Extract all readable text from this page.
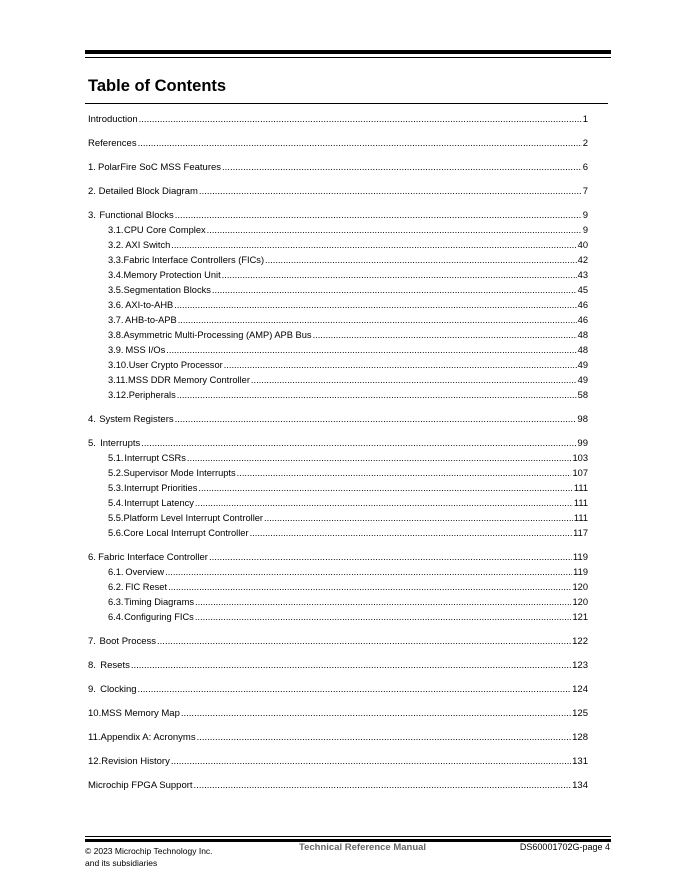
Table of Contents
Introduction .....	1
References .....	2
1. PolarFire SoC MSS Features .....	6
2. Detailed Block Diagram .....	7
3. Functional Blocks .....	9
3.1. CPU Core Complex .....	9
3.2. AXI Switch .....	40
3.3. Fabric Interface Controllers (FICs) .....	42
3.4. Memory Protection Unit .....	43
3.5. Segmentation Blocks .....	45
3.6. AXI-to-AHB .....	46
3.7. AHB-to-APB .....	46
3.8. Asymmetric Multi-Processing (AMP) APB Bus .....	48
3.9. MSS I/Os .....	48
3.10. User Crypto Processor .....	49
3.11. MSS DDR Memory Controller .....	49
3.12. Peripherals .....	58
4. System Registers .....	98
5. Interrupts .....	99
5.1. Interrupt CSRs .....	103
5.2. Supervisor Mode Interrupts .....	107
5.3. Interrupt Priorities .....	111
5.4. Interrupt Latency .....	111
5.5. Platform Level Interrupt Controller .....	111
5.6. Core Local Interrupt Controller .....	117
6. Fabric Interface Controller .....	119
6.1. Overview .....	119
6.2. FIC Reset .....	120
6.3. Timing Diagrams .....	120
6.4. Configuring FICs .....	121
7. Boot Process .....	122
8. Resets .....	123
9. Clocking .....	124
10. MSS Memory Map .....	125
11. Appendix A: Acronyms .....	128
12. Revision History .....	131
Microchip FPGA Support .....	134
© 2023 Microchip Technology Inc.
and its subsidiaries
Technical Reference Manual	DS60001702G-page 4
